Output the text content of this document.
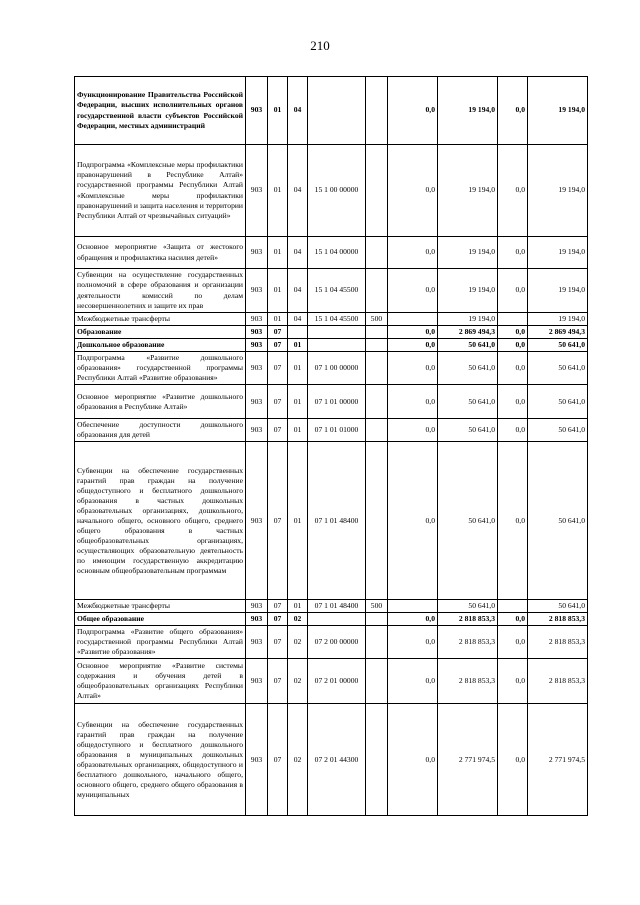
210
Функционирование Правительства Российской Федерации, высших исполнительных органов государственной власти субъектов Российской Федерации, местных администраций	903	01	04			0,0	19 194,0	0,0	19 194,0
Подпрограмма «Комплексные меры профилактики правонарушений в Республике Алтай» государственной программы Республики Алтай «Комплексные меры профилактики правонарушений и защита населения и территории Республики Алтай от чрезвычайных ситуаций»	903	01	04	15 1 00 00000		0,0	19 194,0	0,0	19 194,0
Основное мероприятие «Защита от жестокого обращения и профилактика насилия детей»	903	01	04	15 1 04 00000		0,0	19 194,0	0,0	19 194,0
Субвенции на осуществление государственных полномочий в сфере образования и организации деятельности комиссий по делам несовершеннолетних и защите их прав	903	01	04	15 1 04 45500		0,0	19 194,0	0,0	19 194,0
Межбюджетные трансферты	903	01	04	15 1 04 45500	500		19 194,0		19 194,0
Образование	903	07				0,0	2 869 494,3	0,0	2 869 494,3
Дошкольное образование	903	07	01			0,0	50 641,0	0,0	50 641,0
Подпрограмма «Развитие дошкольного образования» государственной программы Республики Алтай «Развитие образования»	903	07	01	07 1 00 00000		0,0	50 641,0	0,0	50 641,0
Основное мероприятие «Развитие дошкольного образования в Республике Алтай»	903	07	01	07 1 01 00000		0,0	50 641,0	0,0	50 641,0
Обеспечение доступности дошкольного образования для детей	903	07	01	07 1 01 01000		0,0	50 641,0	0,0	50 641,0
Субвенции на обеспечение государственных гарантий прав граждан на получение общедоступного и бесплатного дошкольного образования в частных дошкольных образовательных организациях, дошкольного, начального общего, основного общего, среднего общего образования в частных общеобразовательных организациях, осуществляющих образовательную деятельность по имеющим государственную аккредитацию основным общеобразовательным программам	903	07	01	07 1 01 48400		0,0	50 641,0	0,0	50 641,0
Межбюджетные трансферты	903	07	01	07 1 01 48400	500		50 641,0		50 641,0
Общее образование	903	07	02			0,0	2 818 853,3	0,0	2 818 853,3
Подпрограмма «Развитие общего образования» государственной программы Республики Алтай «Развитие образования»	903	07	02	07 2 00 00000		0,0	2 818 853,3	0,0	2 818 853,3
Основное мероприятие «Развитие системы содержания и обучения детей в общеобразовательных организациях Республики Алтай»	903	07	02	07 2 01 00000		0,0	2 818 853,3	0,0	2 818 853,3
Субвенции на обеспечение государственных гарантий прав граждан на получение общедоступного и бесплатного дошкольного образования в муниципальных дошкольных образовательных организациях, общедоступного и бесплатного дошкольного, начального общего, основного общего, среднего общего образования в муниципальных	903	07	02	07 2 01 44300		0,0	2 771 974,5	0,0	2 771 974,5
